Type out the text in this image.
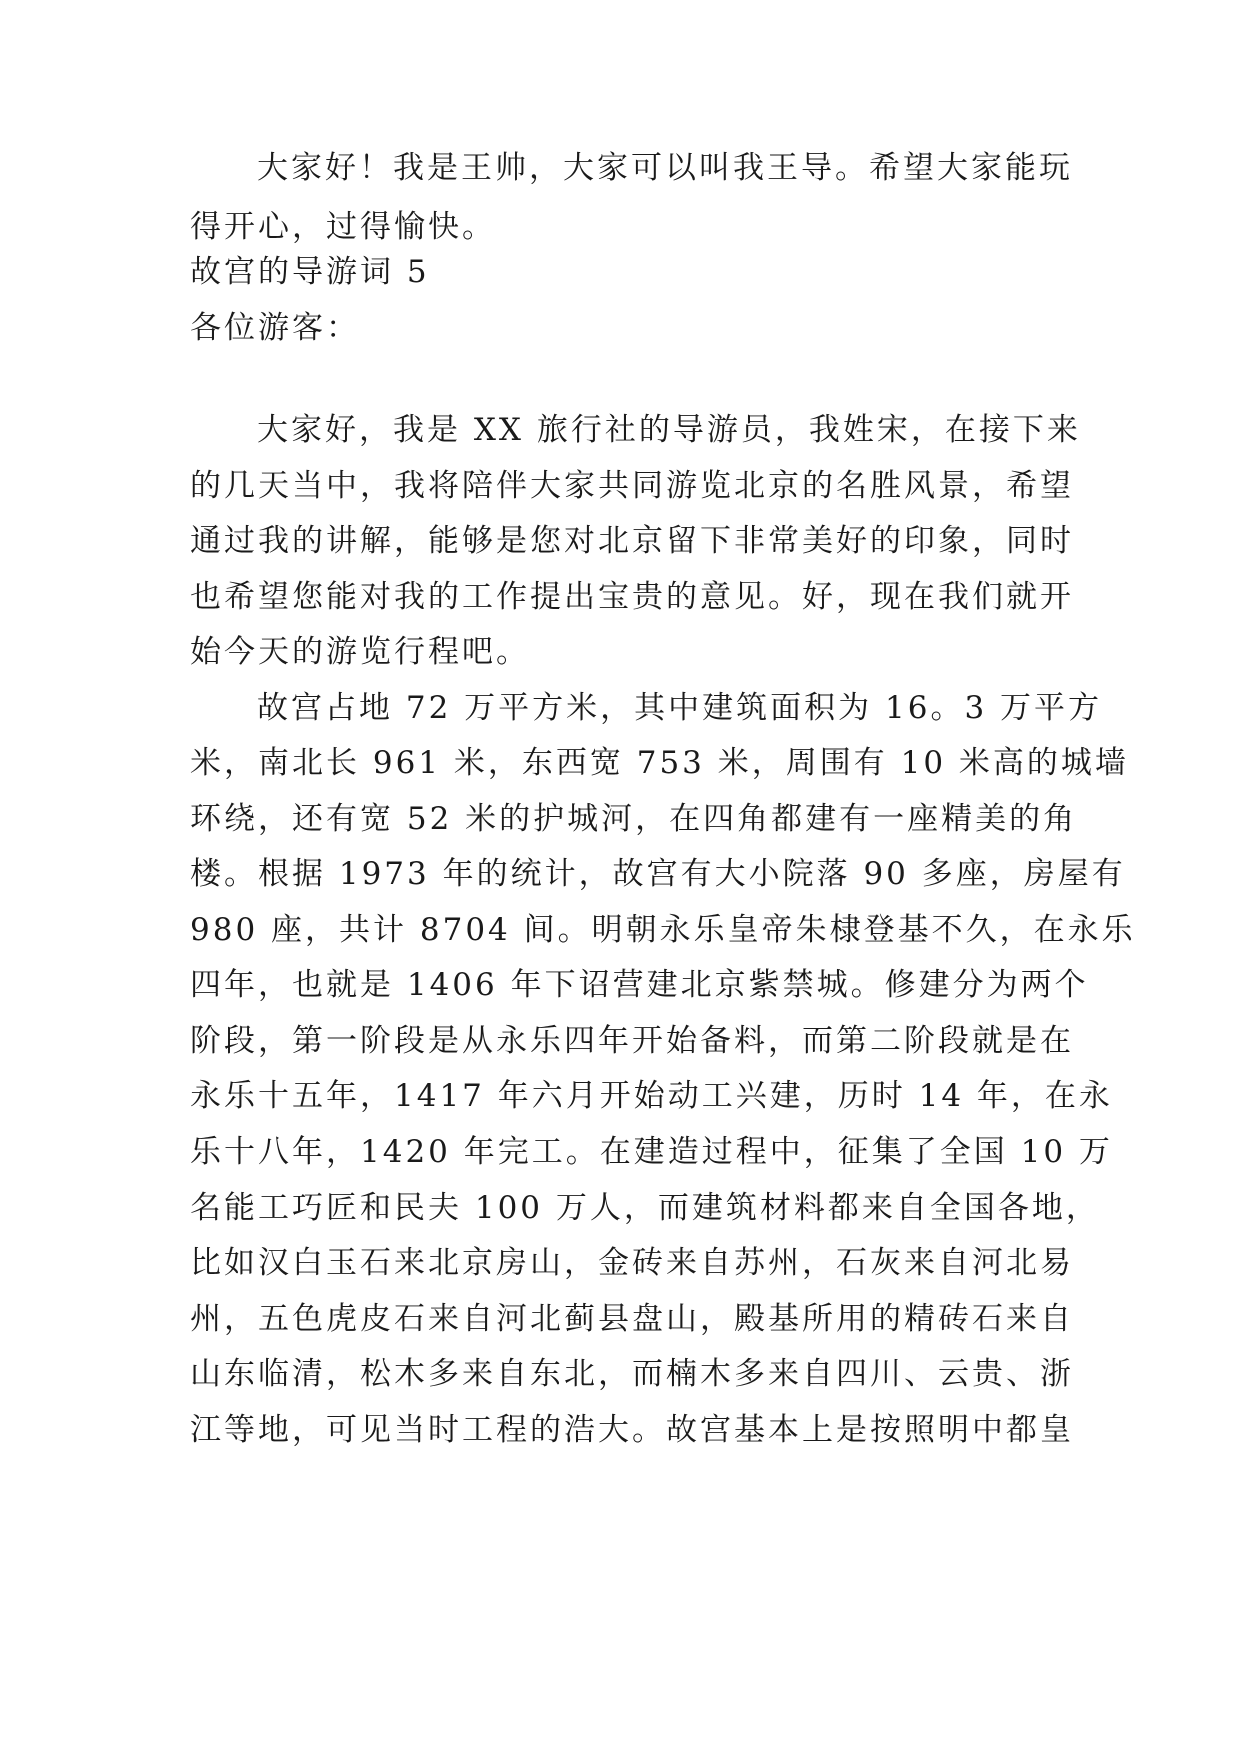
大家好！我是王帅，大家可以叫我王导。希望大家能玩
得开心，过得愉快。
故宫的导游词 5
各位游客：
大家好，我是 XX 旅行社的导游员，我姓宋，在接下来
的几天当中，我将陪伴大家共同游览北京的名胜风景，希望
通过我的讲解，能够是您对北京留下非常美好的印象，同时
也希望您能对我的工作提出宝贵的意见。好，现在我们就开
始今天的游览行程吧。
故宫占地 72 万平方米，其中建筑面积为 16。3 万平方
米，南北长 961 米，东西宽 753 米，周围有 10 米高的城墙
环绕，还有宽 52 米的护城河，在四角都建有一座精美的角
楼。根据 1973 年的统计，故宫有大小院落 90 多座，房屋有
980 座，共计 8704 间。明朝永乐皇帝朱棣登基不久，在永乐
四年，也就是 1406 年下诏营建北京紫禁城。修建分为两个
阶段，第一阶段是从永乐四年开始备料，而第二阶段就是在
永乐十五年，1417 年六月开始动工兴建，历时 14 年，在永
乐十八年，1420 年完工。在建造过程中，征集了全国 10 万
名能工巧匠和民夫 100 万人，而建筑材料都来自全国各地，
比如汉白玉石来北京房山，金砖来自苏州，石灰来自河北易
州，五色虎皮石来自河北蓟县盘山，殿基所用的精砖石来自
山东临清，松木多来自东北，而楠木多来自四川、云贵、浙
江等地，可见当时工程的浩大。故宫基本上是按照明中都皇
